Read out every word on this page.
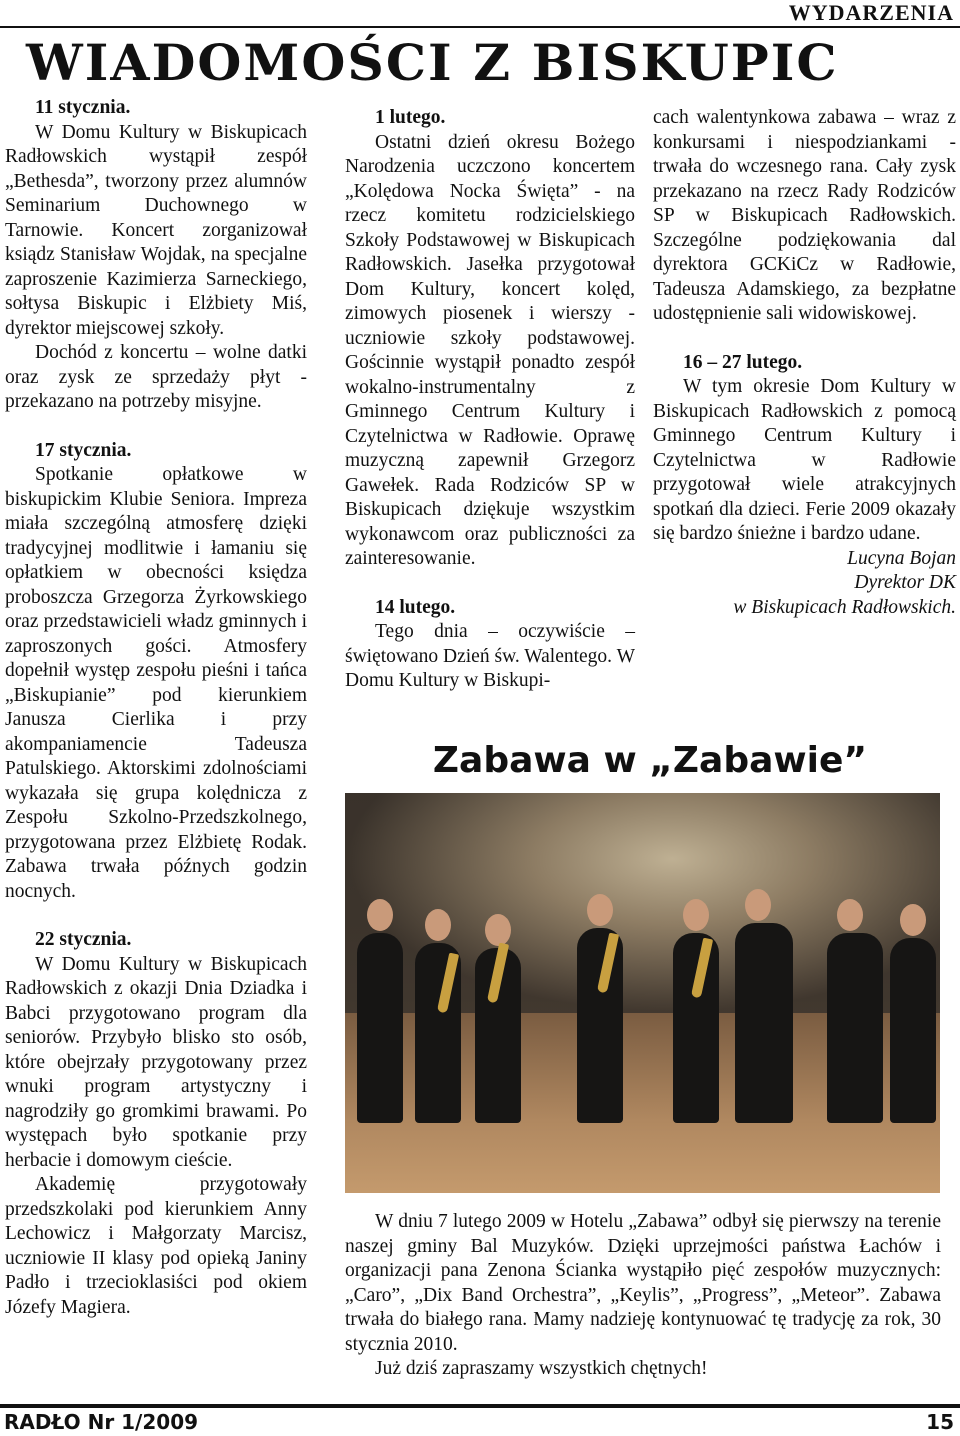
WYDARZENIA
WIADOMOŚCI Z BISKUPIC

11 stycznia.

W Domu Kultury w Biskupicach Radłowskich wystąpił zespół „Bethesda”, tworzony przez alumnów Seminarium Duchownego w Tarnowie. Koncert zorganizował ksiądz Stanisław Wojdak, na specjalne zaproszenie Kazimierza Sarneckiego, sołtysa Biskupic i Elżbiety Miś, dyrektor miejscowej szkoły.

Dochód z koncertu – wolne datki oraz zysk ze sprzedaży płyt - przekazano na potrzeby misyjne.

17 stycznia.

Spotkanie opłatkowe w biskupickim Klubie Seniora. Impreza miała szczególną atmosferę dzięki tradycyjnej modlitwie i łamaniu się opłatkiem w obecności księdza proboszcza Grzegorza Żyrkowskiego oraz przedstawicieli władz gminnych i zaproszonych gości. Atmosfery dopełnił występ zespołu pieśni i tańca „Biskupianie” pod kierunkiem Janusza Cierlika i przy akompaniamencie Tadeusza Patulskiego. Aktorskimi zdolnościami wykazała się grupa kolędnicza z Zespołu Szkolno-Przedszkolnego, przygotowana przez Elżbietę Rodak. Zabawa trwała późnych godzin nocnych.

22 stycznia.

W Domu Kultury w Biskupicach Radłowskich z okazji Dnia Dziadka i Babci przygotowano program dla seniorów. Przybyło blisko sto osób, które obejrzały przygotowany przez wnuki program artystyczny i nagrodziły go gromkimi brawami. Po występach było spotkanie przy herbacie i domowym cieście.

Akademię przygotowały przedszkolaki pod kierunkiem Anny Lechowicz i Małgorzaty Marcisz, uczniowie II klasy pod opieką Janiny Padło i trzecioklasiści pod okiem Józefy Magiera.

1 lutego.

Ostatni dzień okresu Bożego Narodzenia uczczono koncertem „Kolędowa Nocka Święta” - na rzecz komitetu rodzicielskiego Szkoły Podstawowej w Biskupicach Radłowskich. Jasełka przygotował Dom Kultury, koncert kolęd, zimowych piosenek i wierszy - uczniowie szkoły podstawowej. Gościnnie wystąpił ponadto zespół wokalno-instrumentalny z Gminnego Centrum Kultury i Czytelnictwa w Radłowie. Oprawę muzyczną zapewnił Grzegorz Gawełek. Rada Rodziców SP w Biskupicach dziękuje wszystkim wykonawcom oraz publiczności za zainteresowanie.

14 lutego.

Tego dnia – oczywiście – świętowano Dzień św. Walentego. W Domu Kultury w Biskupi-

cach walentynkowa zabawa – wraz z konkursami i niespodziankami - trwała do wczesnego rana. Cały zysk przekazano na rzecz Rady Rodziców SP w Biskupicach Radłowskich. Szczególne podziękowania dal dyrektora GCKiCz w Radłowie, Tadeusza Adamskiego, za bezpłatne udostępnienie sali widowiskowej.

16 – 27 lutego.

W tym okresie Dom Kultury w Biskupicach Radłowskich z pomocą Gminnego Centrum Kultury i Czytelnictwa w Radłowie przygotował wiele atrakcyjnych spotkań dla dzieci. Ferie 2009 okazały się bardzo śnieżne i bardzo udane.

Lucyna Bojan

Dyrektor DK

w Biskupicach Radłowskich.

Zabawa w „Zabawie”

W dniu 7 lutego 2009 w Hotelu „Zabawa” odbył się pierwszy na terenie naszej gminy Bal Muzyków. Dzięki uprzejmości państwa Łachów i organizacji pana Zenona Ścianka wystąpiło pięć zespołów muzycznych: „Caro”, „Dix Band Orchestra”, „Keylis”, „Progress”, „Meteor”. Zabawa trwała do białego rana. Mamy nadzieję kontynuować tę tradycję za rok, 30 stycznia 2010.

Już dziś zapraszamy wszystkich chętnych!

RADŁO Nr 1/2009	15
